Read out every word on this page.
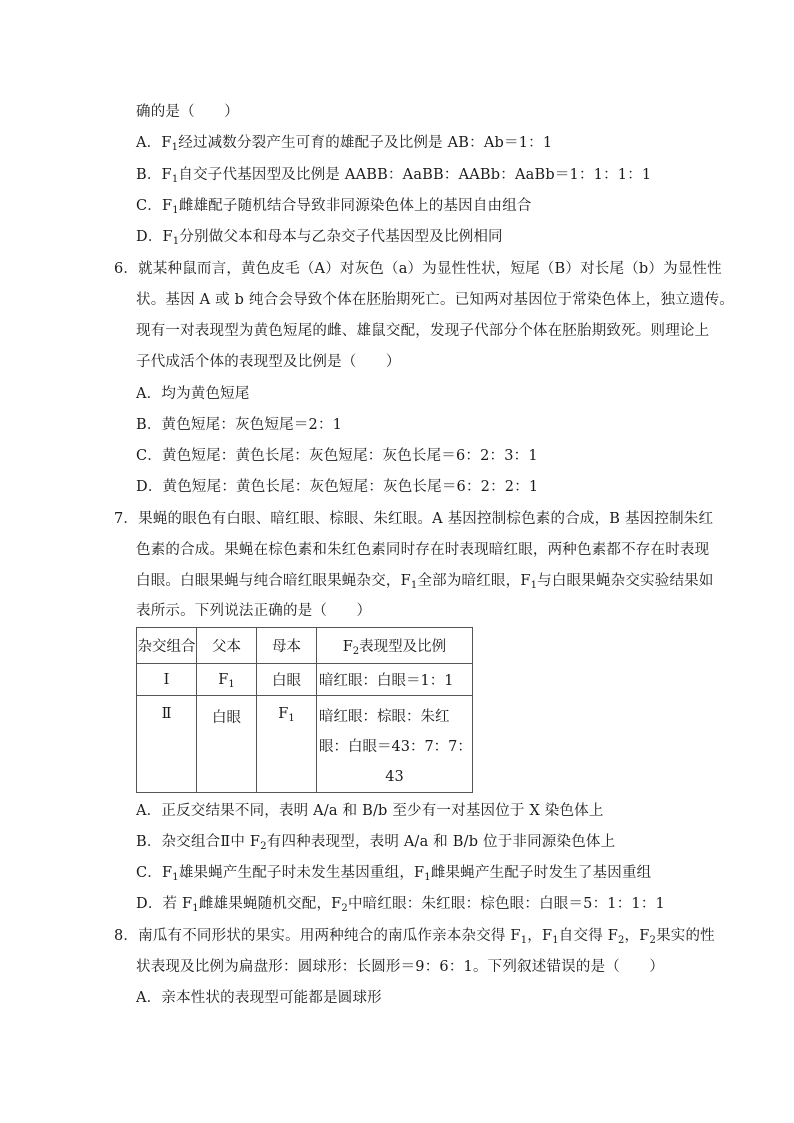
确的是（　　）
A．$F_1$经过减数分裂产生可育的雄配子及比例是 AB：Ab＝1：1
B．$F_1$自交子代基因型及比例是 AABB：AaBB：AABb：AaBb＝1：1：1：1
C．$F_1$雌雄配子随机结合导致非同源染色体上的基因自由组合
D．$F_1$分别做父本和母本与乙杂交子代基因型及比例相同
6．就某种鼠而言，黄色皮毛（A）对灰色（a）为显性性状，短尾（B）对长尾（b）为显性性
状。基因 A 或 b 纯合会导致个体在胚胎期死亡。已知两对基因位于常染色体上，独立遗传。
现有一对表现型为黄色短尾的雌、雄鼠交配，发现子代部分个体在胚胎期致死。则理论上
子代成活个体的表现型及比例是（　　）
A．均为黄色短尾
B．黄色短尾：灰色短尾＝2：1
C．黄色短尾：黄色长尾：灰色短尾：灰色长尾＝6：2：3：1
D．黄色短尾：黄色长尾：灰色短尾：灰色长尾＝6：2：2：1
7．果蝇的眼色有白眼、暗红眼、棕眼、朱红眼。A 基因控制棕色素的合成，B 基因控制朱红
色素的合成。果蝇在棕色素和朱红色素同时存在时表现暗红眼，两种色素都不存在时表现
白眼。白眼果蝇与纯合暗红眼果蝇杂交，$F_1$全部为暗红眼，$F_1$与白眼果蝇杂交实验结果如
表所示。下列说法正确的是（　　）
杂交组合	父本	母本	$F_2$表现型及比例
Ⅰ	$F_1$	白眼	暗红眼：白眼＝1：1
Ⅱ	白眼	$F_1$	暗红眼：棕眼：朱红
眼：白眼＝43：7：7：
43
A．正反交结果不同，表明 A/a 和 B/b 至少有一对基因位于 X 染色体上
B．杂交组合Ⅱ中 $F_2$有四种表现型，表明 A/a 和 B/b 位于非同源染色体上
C．$F_1$雄果蝇产生配子时未发生基因重组，$F_1$雌果蝇产生配子时发生了基因重组
D．若 $F_1$雌雄果蝇随机交配，$F_2$中暗红眼：朱红眼：棕色眼：白眼＝5：1：1：1
8．南瓜有不同形状的果实。用两种纯合的南瓜作亲本杂交得 $F_1$，$F_1$自交得 $F_2$，$F_2$果实的性
状表现及比例为扁盘形：圆球形：长圆形＝9：6：1。下列叙述错误的是（　　）
A．亲本性状的表现型可能都是圆球形
